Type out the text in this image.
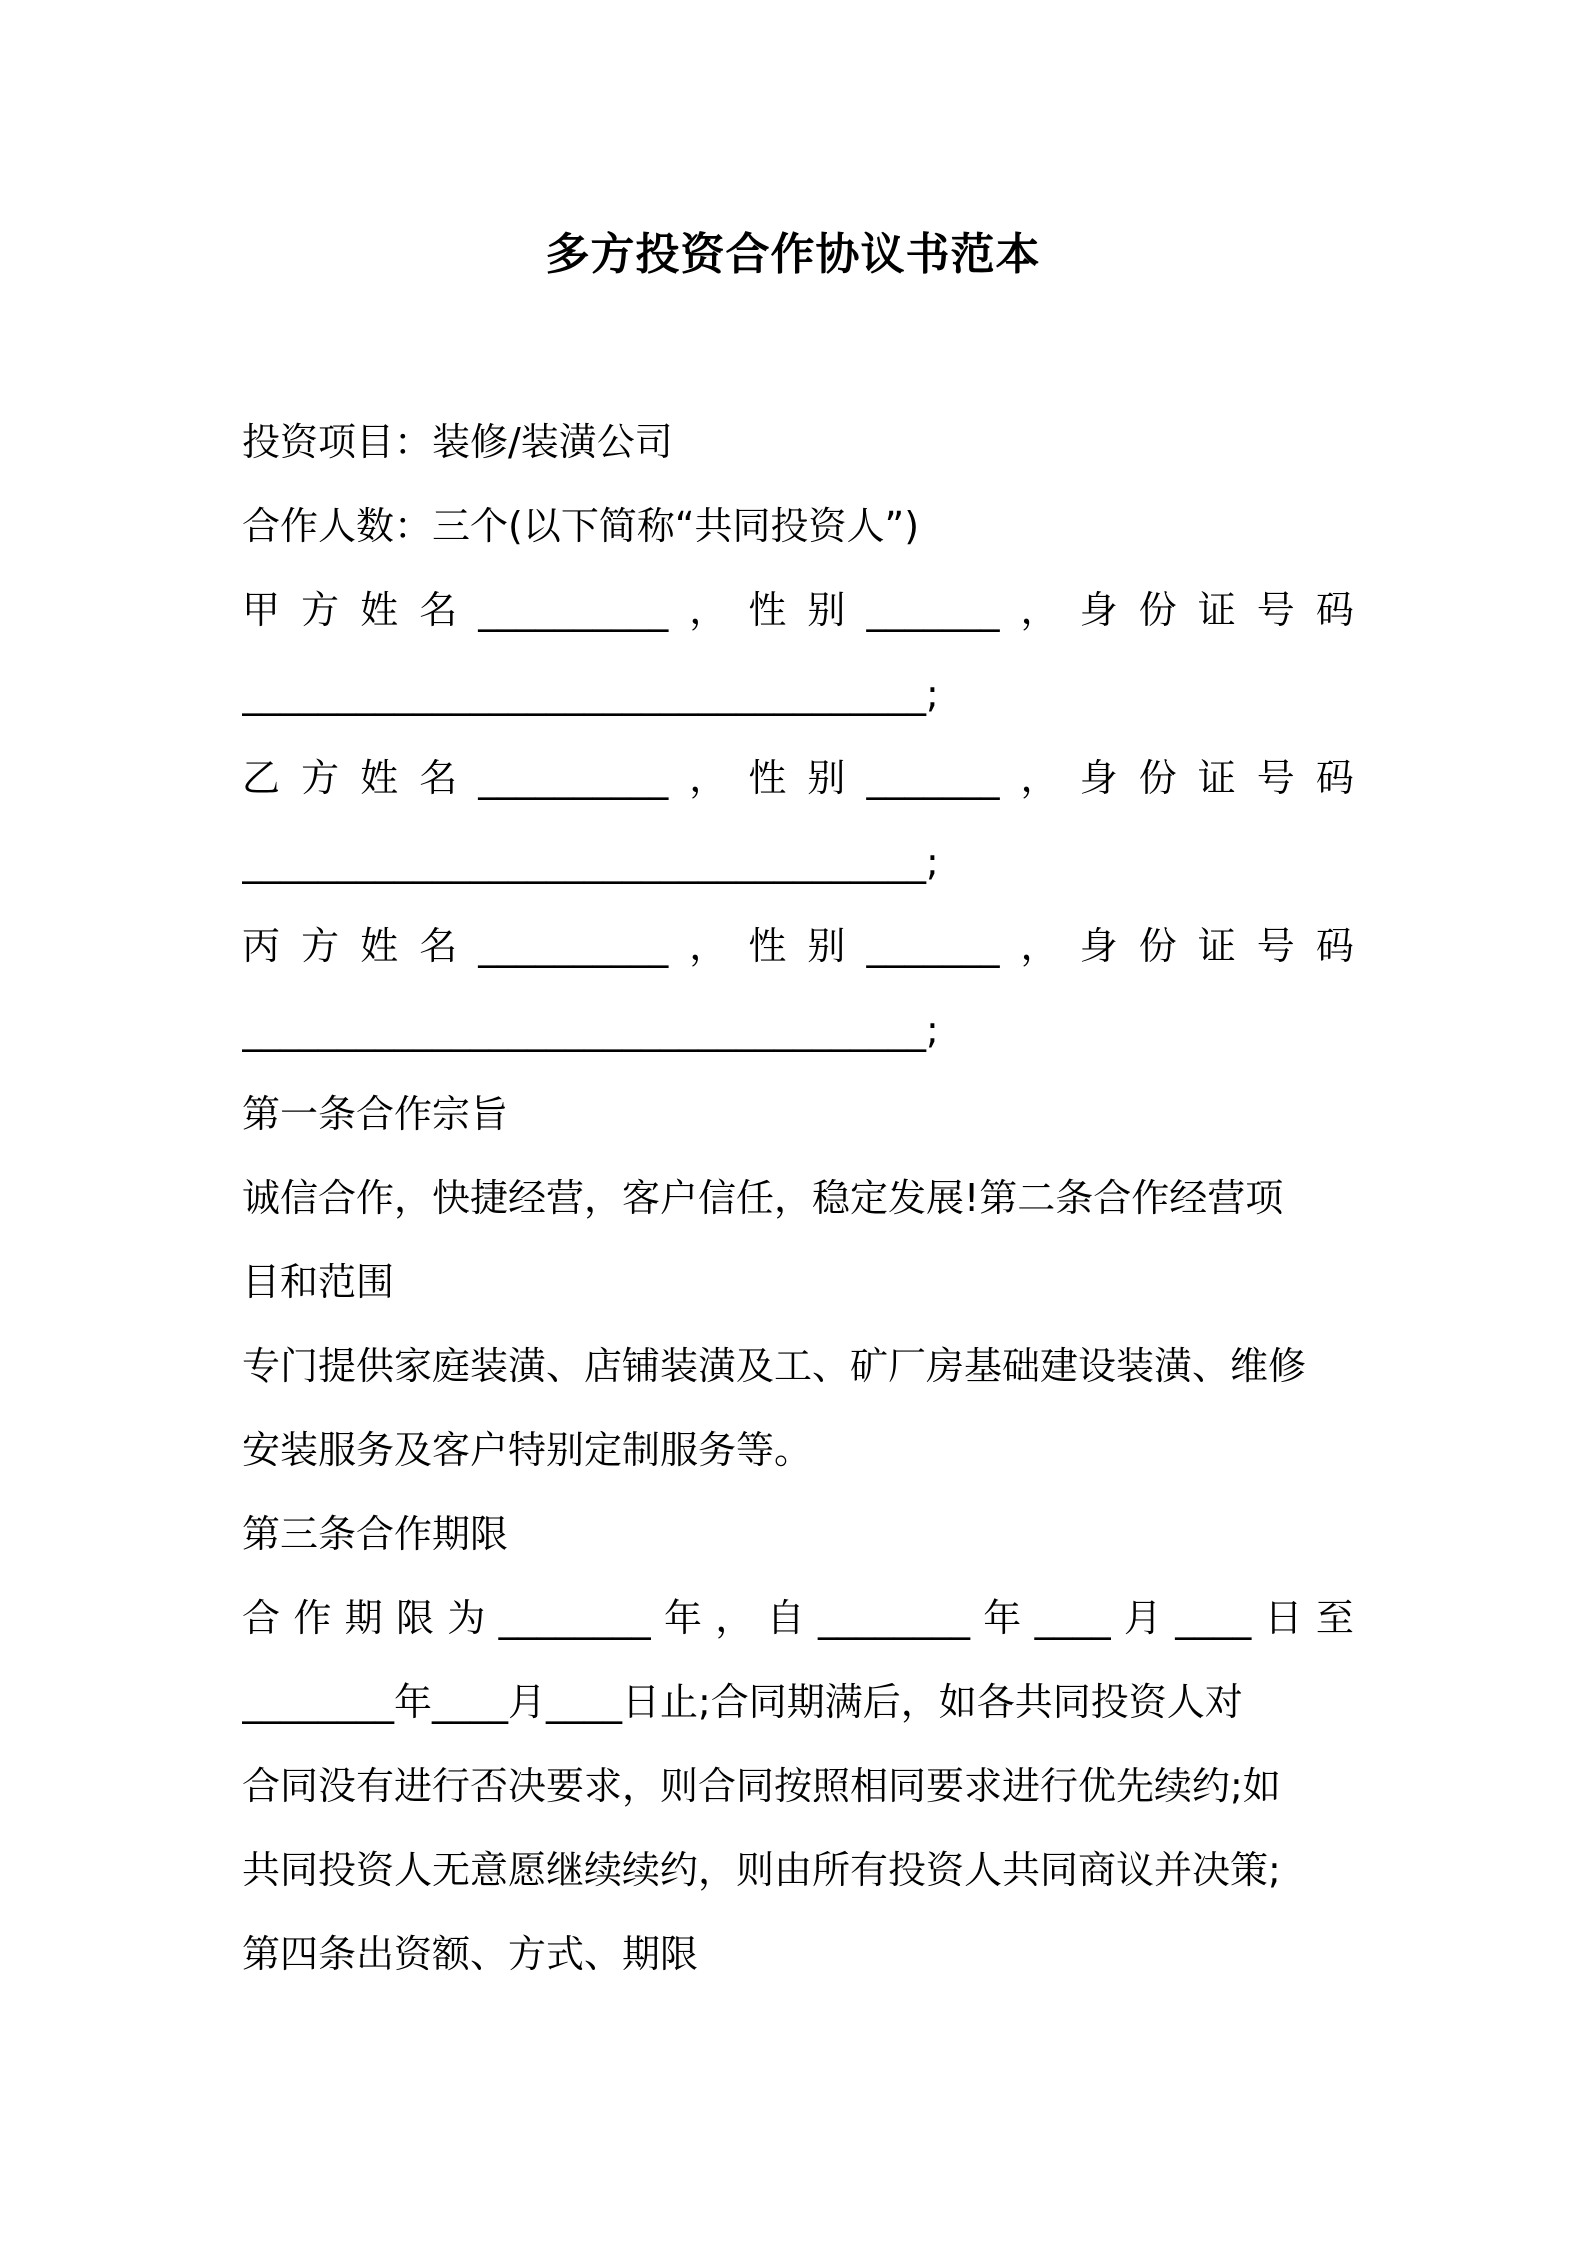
多方投资合作协议书范本
投资项目：装修/装潢公司
合作人数：三个(以下简称“共同投资人”)
甲 方 姓 名 __________ ， 性 别 _______ ， 身 份 证 号 码
____________________________________;
乙 方 姓 名 __________ ， 性 别 _______ ， 身 份 证 号 码
____________________________________;
丙 方 姓 名 __________ ， 性 别 _______ ， 身 份 证 号 码
____________________________________;
第一条合作宗旨
诚信合作，快捷经营，客户信任，稳定发展!第二条合作经营项
目和范围
专门提供家庭装潢、店铺装潢及工、矿厂房基础建设装潢、维修
安装服务及客户特别定制服务等。
第三条合作期限
合 作 期 限 为 ________ 年 ， 自 ________ 年 ____ 月 ____ 日 至
________年____月____日止;合同期满后，如各共同投资人对
合同没有进行否决要求，则合同按照相同要求进行优先续约;如
共同投资人无意愿继续续约，则由所有投资人共同商议并决策;
第四条出资额、方式、期限
